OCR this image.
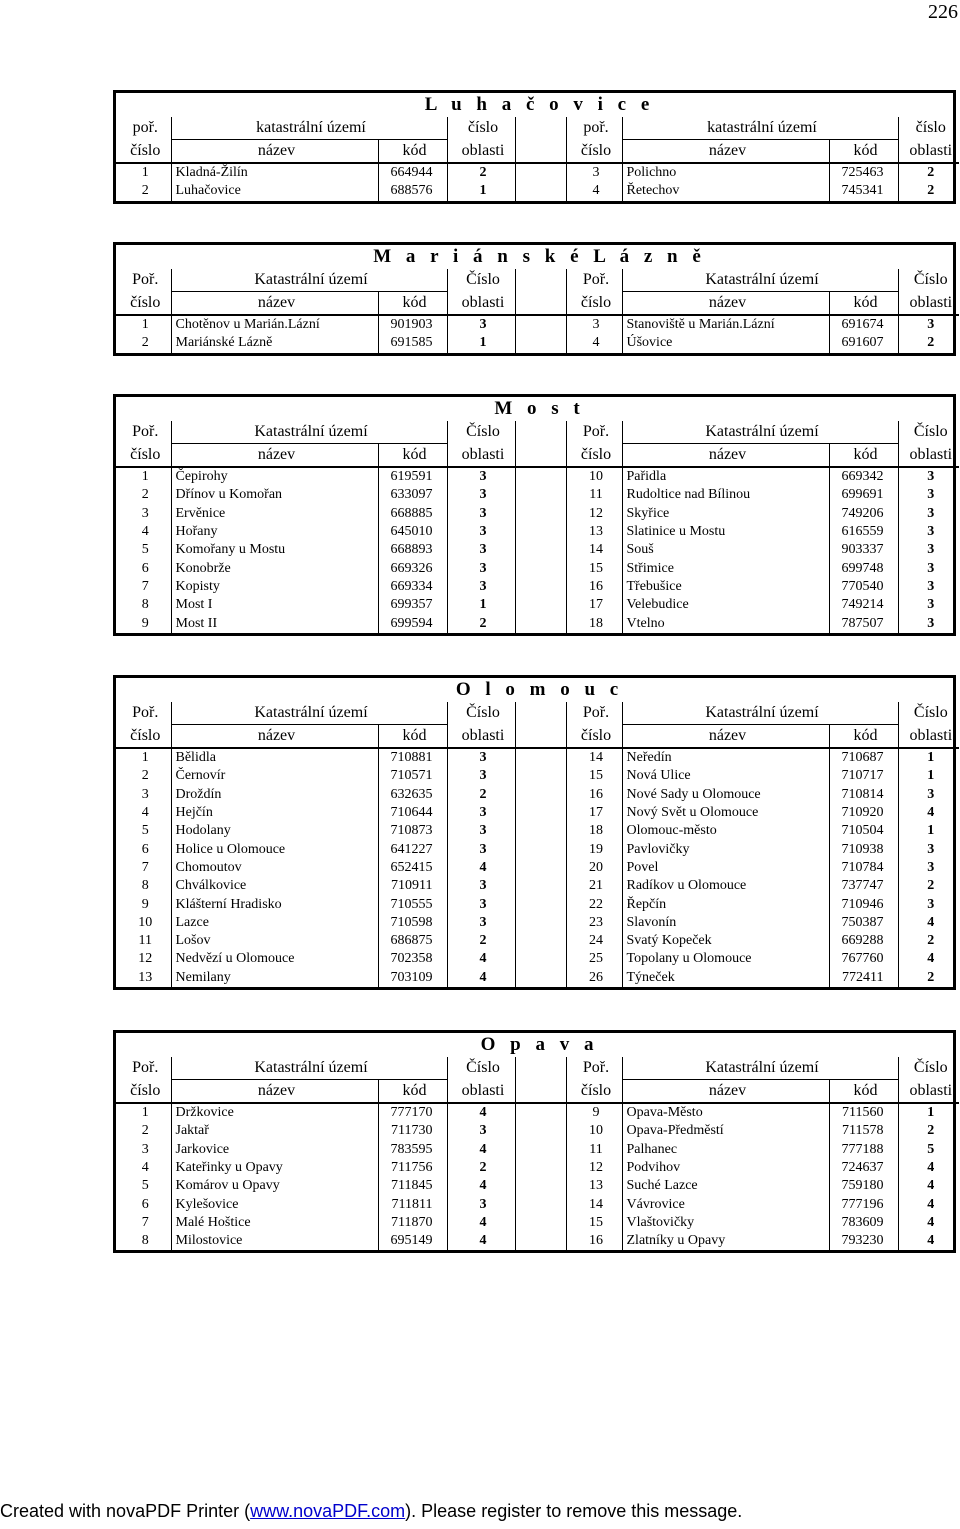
226
L u h a č o v i c e								
poř.	katastrální území		číslo		poř.	katastrální území		číslo
číslo	název	kód	oblasti		číslo	název	kód	oblasti
1	Kladná-Žilín	664944	2		3	Polichno	725463	2
2	Luhačovice	688576	1		4	Řetechov	745341	2
M a r i á n s k é L á z n ě								
Poř.	Katastrální území		Číslo		Poř.	Katastrální území		Číslo
číslo	název	kód	oblasti		číslo	název	kód	oblasti
1	Chotěnov u Marián.Lázní	901903	3		3	Stanoviště u Marián.Lázní	691674	3
2	Mariánské Lázně	691585	1		4	Úšovice	691607	2
M o s t								
Poř.	Katastrální území		Číslo		Poř.	Katastrální území		Číslo
číslo	název	kód	oblasti		číslo	název	kód	oblasti
1	Čepirohy	619591	3		10	Pařidla	669342	3
2	Dřínov u Komořan	633097	3		11	Rudoltice nad Bílinou	699691	3
3	Ervěnice	668885	3		12	Skyřice	749206	3
4	Hořany	645010	3		13	Slatinice u Mostu	616559	3
5	Komořany u Mostu	668893	3		14	Souš	903337	3
6	Konobrže	669326	3		15	Střimice	699748	3
7	Kopisty	669334	3		16	Třebušice	770540	3
8	Most I	699357	1		17	Velebudice	749214	3
9	Most II	699594	2		18	Vtelno	787507	3
O l o m o u c								
Poř.	Katastrální území		Číslo		Poř.	Katastrální území		Číslo
číslo	název	kód	oblasti		číslo	název	kód	oblasti
1	Bělidla	710881	3		14	Neředín	710687	1
2	Černovír	710571	3		15	Nová Ulice	710717	1
3	Droždín	632635	2		16	Nové Sady u Olomouce	710814	3
4	Hejčín	710644	3		17	Nový Svět u Olomouce	710920	4
5	Hodolany	710873	3		18	Olomouc-město	710504	1
6	Holice u Olomouce	641227	3		19	Pavlovičky	710938	3
7	Chomoutov	652415	4		20	Povel	710784	3
8	Chválkovice	710911	3		21	Radíkov u Olomouce	737747	2
9	Klášterní Hradisko	710555	3		22	Řepčín	710946	3
10	Lazce	710598	3		23	Slavonín	750387	4
11	Lošov	686875	2		24	Svatý Kopeček	669288	2
12	Nedvězí u Olomouce	702358	4		25	Topolany u Olomouce	767760	4
13	Nemilany	703109	4		26	Týneček	772411	2
O p a v a								
Poř.	Katastrální území		Číslo		Poř.	Katastrální území		Číslo
číslo	název	kód	oblasti		číslo	název	kód	oblasti
1	Držkovice	777170	4		9	Opava-Město	711560	1
2	Jaktař	711730	3		10	Opava-Předměstí	711578	2
3	Jarkovice	783595	4		11	Palhanec	777188	5
4	Kateřinky u Opavy	711756	2		12	Podvihov	724637	4
5	Komárov u Opavy	711845	4		13	Suché Lazce	759180	4
6	Kylešovice	711811	3		14	Vávrovice	777196	4
7	Malé Hoštice	711870	4		15	Vlaštovičky	783609	4
8	Milostovice	695149	4		16	Zlatníky u Opavy	793230	4
Created with novaPDF Printer (www.novaPDF.com). Please register to remove this message.
